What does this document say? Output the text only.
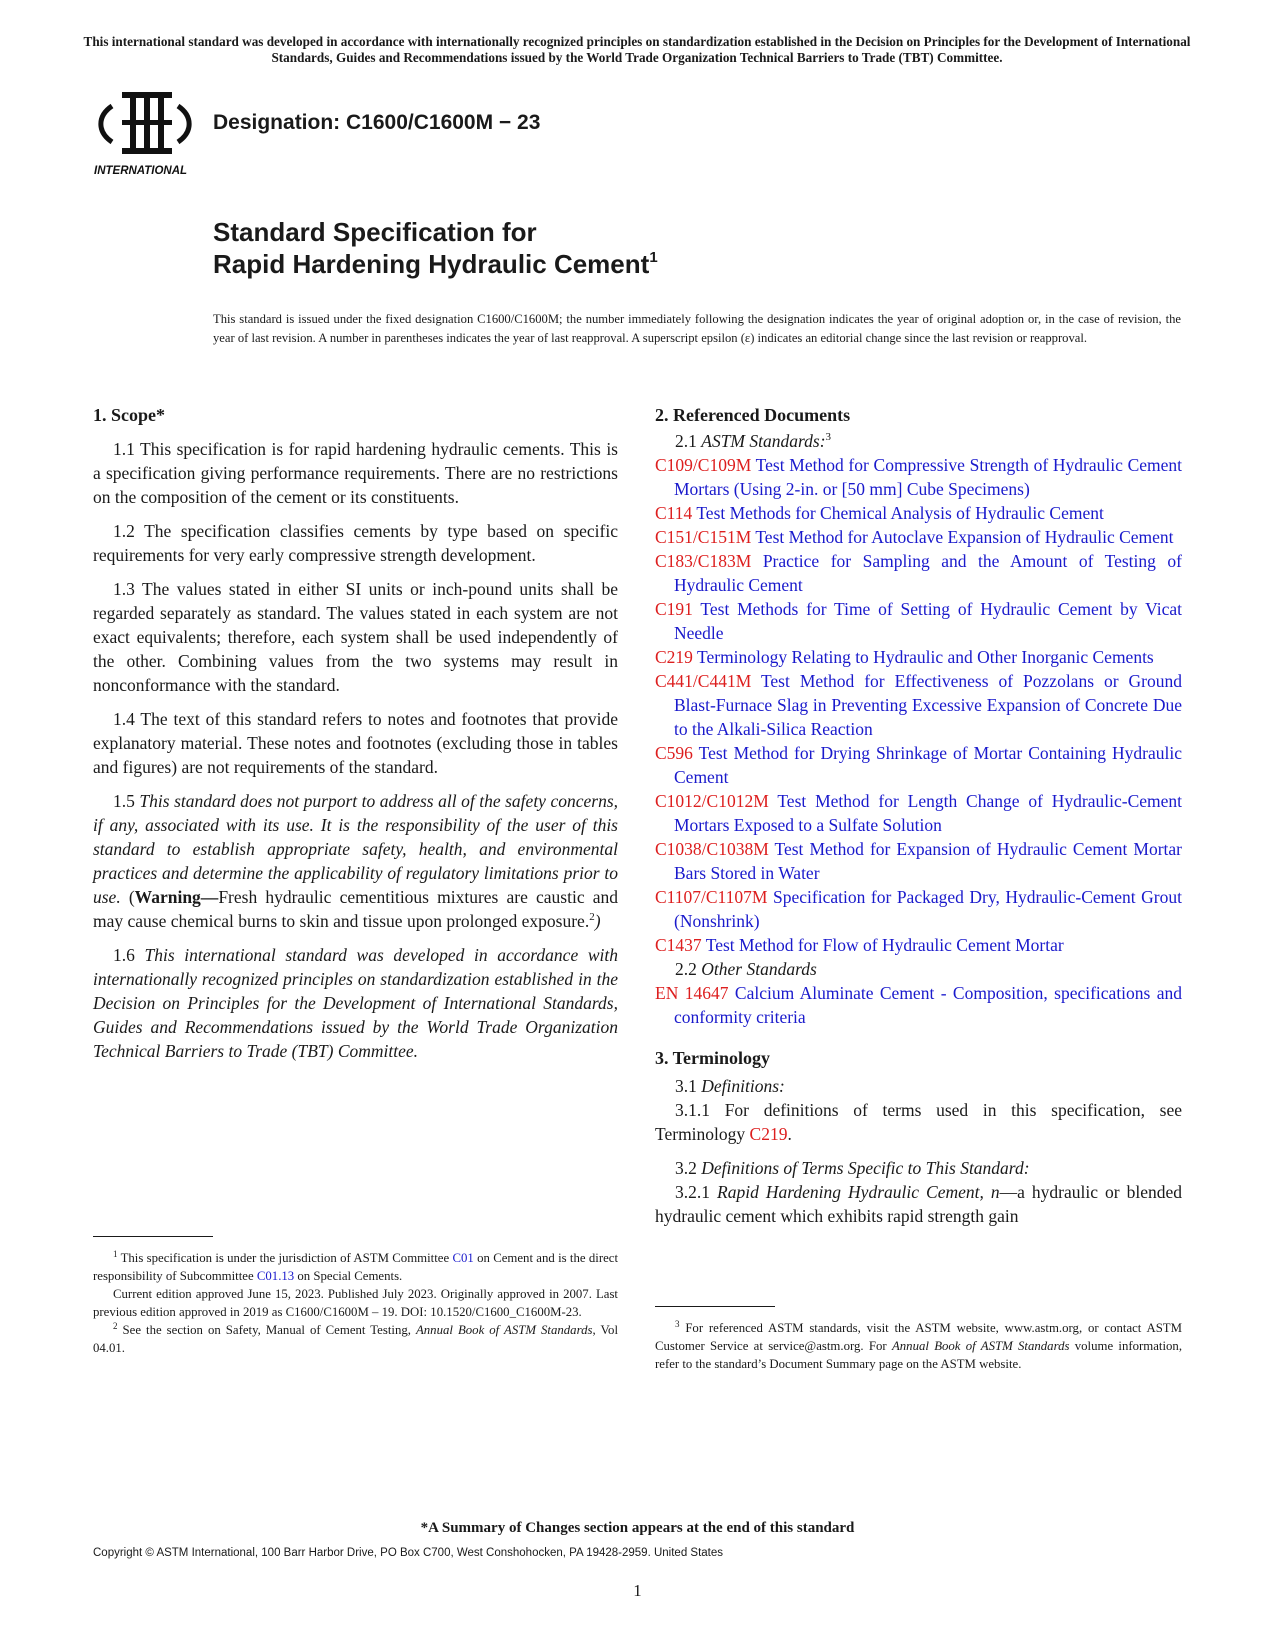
This international standard was developed in accordance with internationally recognized principles on standardization established in the Decision on Principles for the Development of International Standards, Guides and Recommendations issued by the World Trade Organization Technical Barriers to Trade (TBT) Committee.
INTERNATIONAL
Designation: C1600/C1600M − 23
Standard Specification for
Rapid Hardening Hydraulic Cement$^1$
This standard is issued under the fixed designation C1600/C1600M; the number immediately following the designation indicates the year of original adoption or, in the case of revision, the year of last revision. A number in parentheses indicates the year of last reapproval. A superscript epsilon (ε) indicates an editorial change since the last revision or reapproval.
1. Scope*

1.1 This specification is for rapid hardening hydraulic cements. This is a specification giving performance requirements. There are no restrictions on the composition of the cement or its constituents.

1.2 The specification classifies cements by type based on specific requirements for very early compressive strength development.

1.3 The values stated in either SI units or inch-pound units shall be regarded separately as standard. The values stated in each system are not exact equivalents; therefore, each system shall be used independently of the other. Combining values from the two systems may result in nonconformance with the standard.

1.4 The text of this standard refers to notes and footnotes that provide explanatory material. These notes and footnotes (excluding those in tables and figures) are not requirements of the standard.

1.5 This standard does not purport to address all of the safety concerns, if any, associated with its use. It is the responsibility of the user of this standard to establish appropriate safety, health, and environmental practices and determine the applicability of regulatory limitations prior to use. (Warning—Fresh hydraulic cementitious mixtures are caustic and may cause chemical burns to skin and tissue upon prolonged exposure.$^2$)

1.6 This international standard was developed in accordance with internationally recognized principles on standardization established in the Decision on Principles for the Development of International Standards, Guides and Recommendations issued by the World Trade Organization Technical Barriers to Trade (TBT) Committee.

2. Referenced Documents

2.1 ASTM Standards:$^3$

C109/C109M Test Method for Compressive Strength of Hydraulic Cement Mortars (Using 2-in. or [50 mm] Cube Specimens)

C114 Test Methods for Chemical Analysis of Hydraulic Cement

C151/C151M Test Method for Autoclave Expansion of Hydraulic Cement

C183/C183M Practice for Sampling and the Amount of Testing of Hydraulic Cement

C191 Test Methods for Time of Setting of Hydraulic Cement by Vicat Needle

C219 Terminology Relating to Hydraulic and Other Inorganic Cements

C441/C441M Test Method for Effectiveness of Pozzolans or Ground Blast-Furnace Slag in Preventing Excessive Expansion of Concrete Due to the Alkali-Silica Reaction

C596 Test Method for Drying Shrinkage of Mortar Containing Hydraulic Cement

C1012/C1012M Test Method for Length Change of Hydraulic-Cement Mortars Exposed to a Sulfate Solution

C1038/C1038M Test Method for Expansion of Hydraulic Cement Mortar Bars Stored in Water

C1107/C1107M Specification for Packaged Dry, Hydraulic-Cement Grout (Nonshrink)

C1437 Test Method for Flow of Hydraulic Cement Mortar

2.2 Other Standards

EN 14647 Calcium Aluminate Cement - Composition, specifications and conformity criteria

3. Terminology

3.1 Definitions:

3.1.1 For definitions of terms used in this specification, see Terminology C219.

3.2 Definitions of Terms Specific to This Standard:

3.2.1 Rapid Hardening Hydraulic Cement, n—a hydraulic or blended hydraulic cement which exhibits rapid strength gain

$^1$ This specification is under the jurisdiction of ASTM Committee C01 on Cement and is the direct responsibility of Subcommittee C01.13 on Special Cements.

Current edition approved June 15, 2023. Published July 2023. Originally approved in 2007. Last previous edition approved in 2019 as C1600/C1600M – 19. DOI: 10.1520/C1600_C1600M-23.

$^2$ See the section on Safety, Manual of Cement Testing, Annual Book of ASTM Standards, Vol 04.01.

$^3$ For referenced ASTM standards, visit the ASTM website, www.astm.org, or contact ASTM Customer Service at service@astm.org. For Annual Book of ASTM Standards volume information, refer to the standard’s Document Summary page on the ASTM website.

*A Summary of Changes section appears at the end of this standard
Copyright © ASTM International, 100 Barr Harbor Drive, PO Box C700, West Conshohocken, PA 19428-2959. United States
1
